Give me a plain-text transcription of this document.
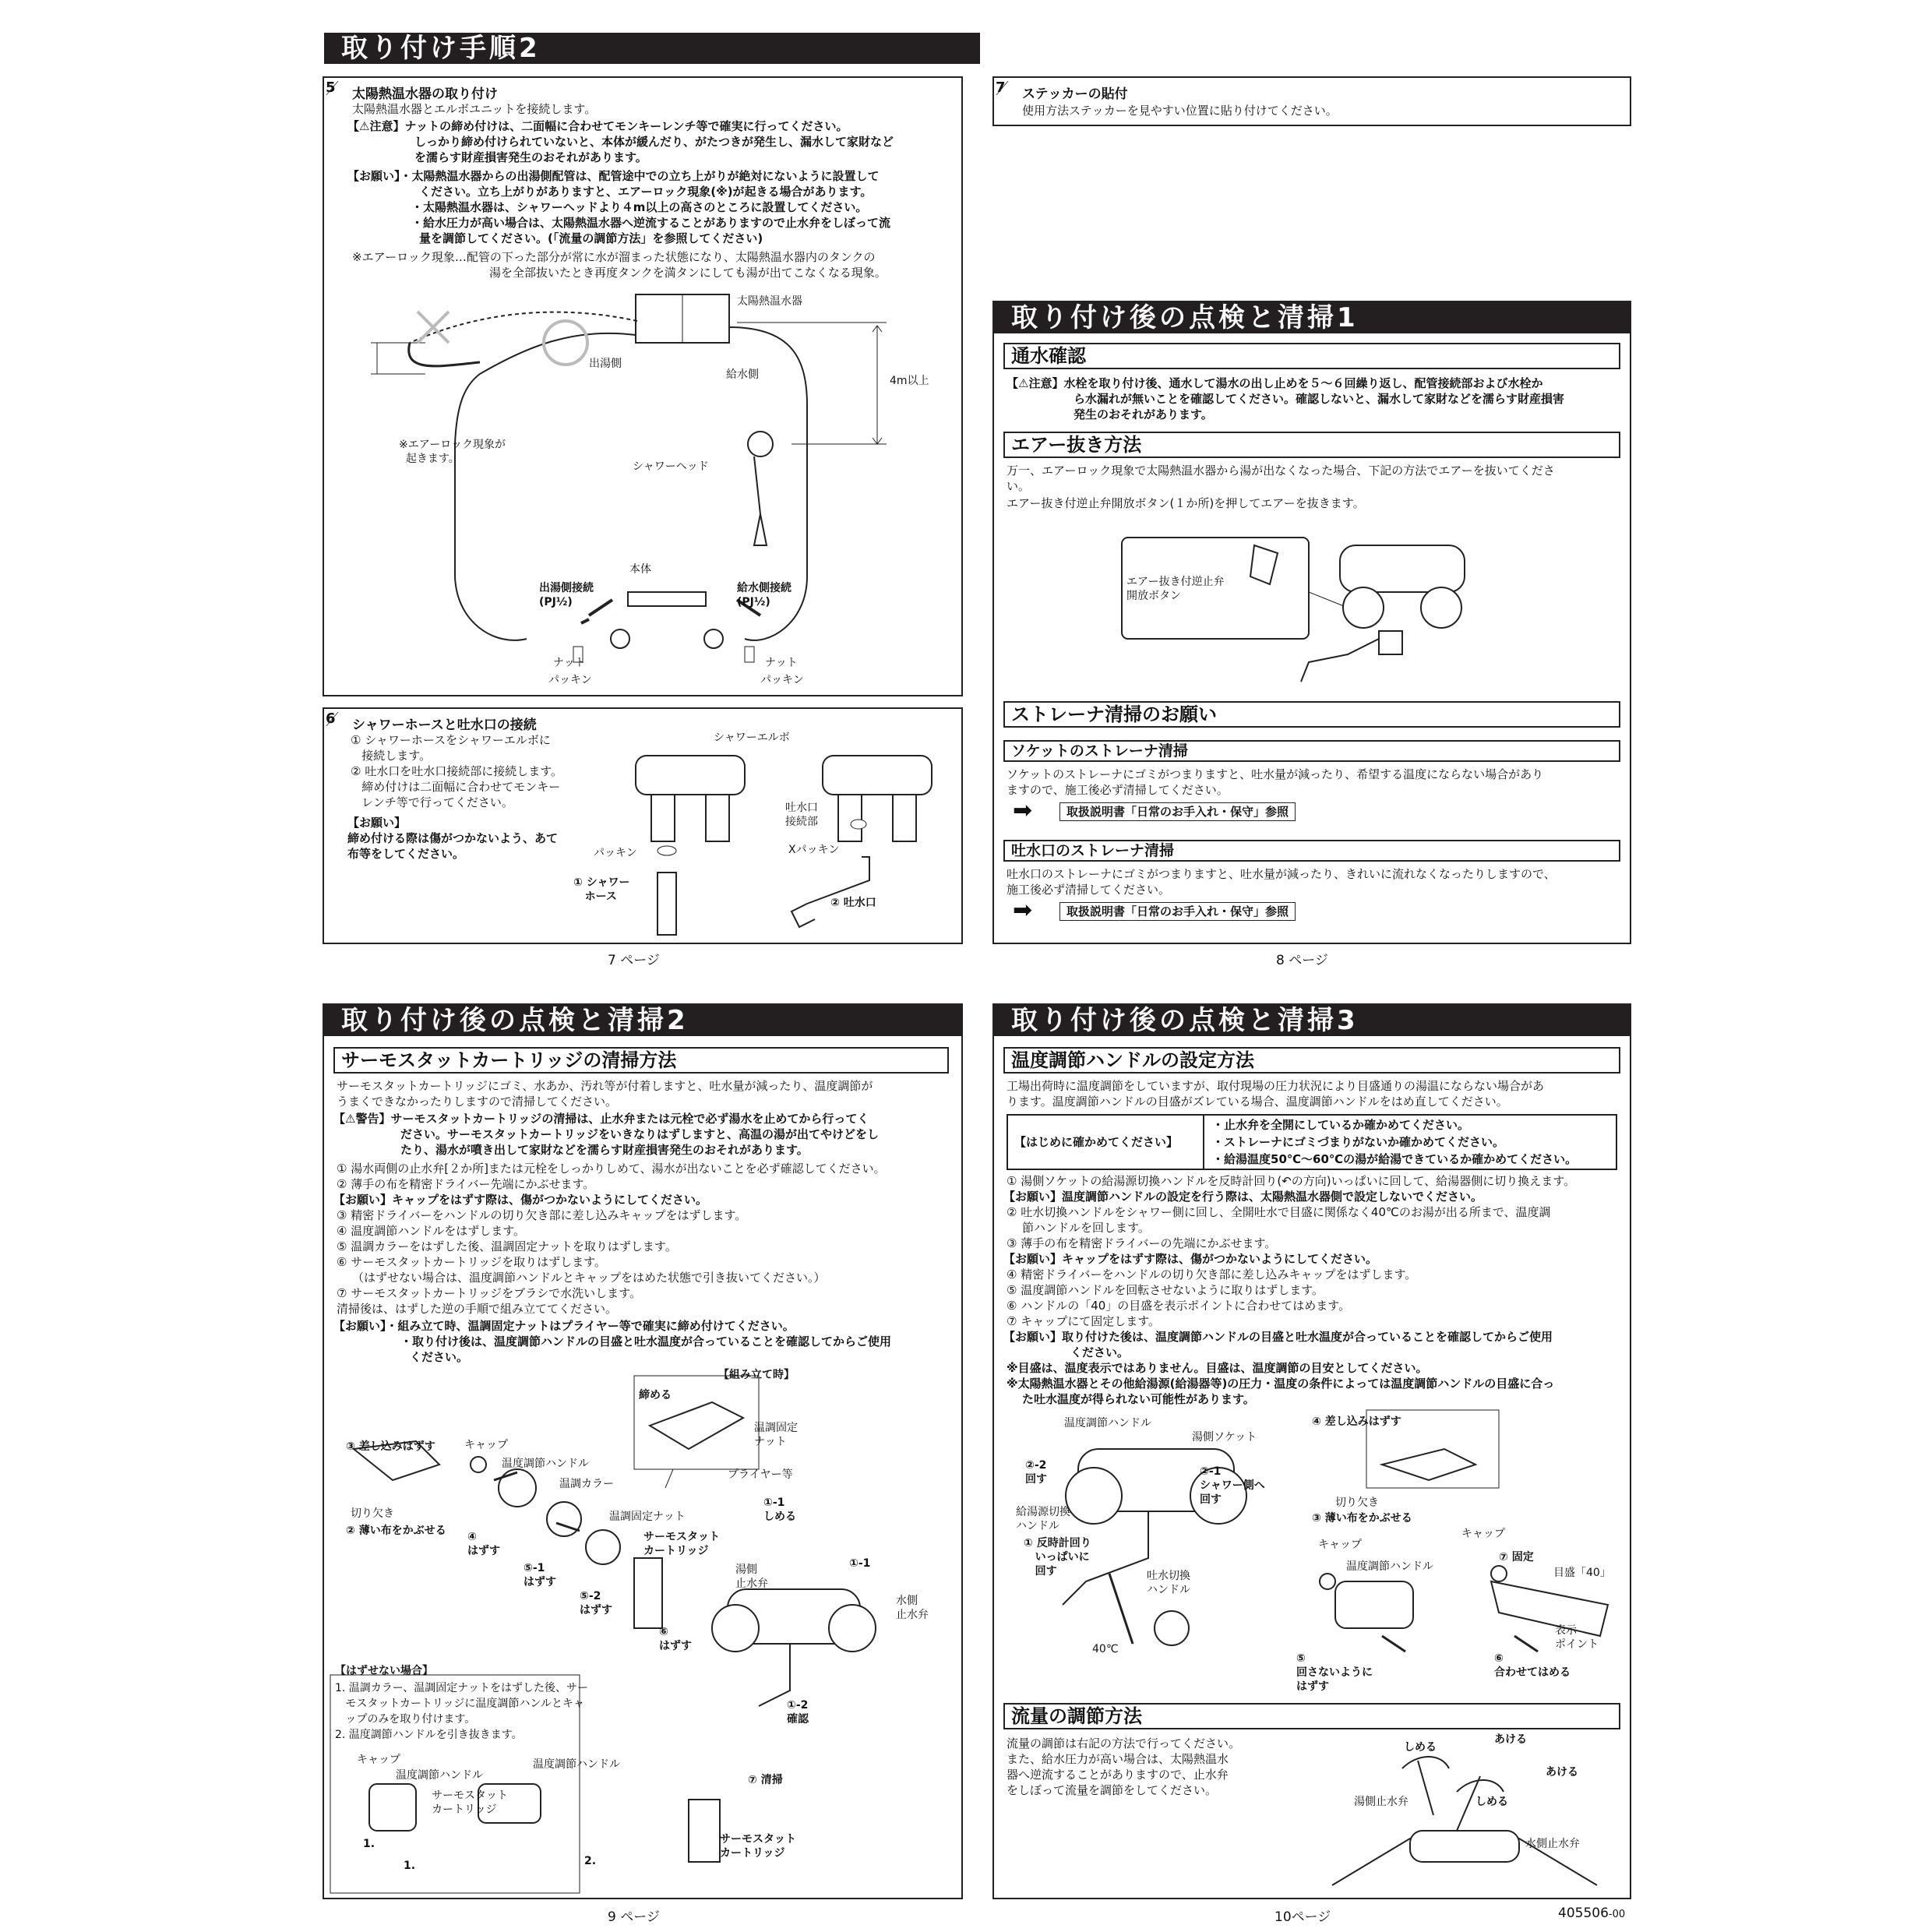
取り付け手順2
5 太陽熱温水器の取り付け
太陽熱温水器とエルボユニットを接続します。
【⚠注意】ナットの締め付けは、二面幅に合わせてモンキーレンチ等で確実に行ってください。
しっかり締め付けられていないと、本体が緩んだり、がたつきが発生し、漏水して家財など
を濡らす財産損害発生のおそれがあります。
【お願い】・太陽熱温水器からの出湯側配管は、配管途中での立ち上がりが絶対にないように設置して
ください。立ち上がりがありますと、エアーロック現象(※)が起きる場合があります。
・太陽熱温水器は、シャワーヘッドより４m以上の高さのところに設置してください。
・給水圧力が高い場合は、太陽熱温水器へ逆流することがありますので止水弁をしぼって流
量を調節してください。(「流量の調節方法」を参照してください)
※エアーロック現象…配管の下った部分が常に水が溜まった状態になり、太陽熱温水器内のタンクの
湯を全部抜いたとき再度タンクを満タンにしても湯が出てこなくなる現象。
太陽熱温水器
出湯側
給水側	4m以上
※エアーロック現象が
起きます。
シャワーヘッド
本体
出湯側接続
(PJ½)
給水側接続
(PJ½)
ナット
パッキン
ナット
パッキン
6 シャワーホースと吐水口の接続
① シャワーホースをシャワーエルボに
接続します。
② 吐水口を吐水口接続部に接続します。
締め付けは二面幅に合わせてモンキー
レンチ等で行ってください。
【お願い】
締め付ける際は傷がつかないよう、あて
布等をしてください。
シャワーエルボ
吐水口
接続部
パッキン	Xパッキン
① シャワー
ホース	② 吐水口
7 ページ
7 ステッカーの貼付
使用方法ステッカーを見やすい位置に貼り付けてください。
取り付け後の点検と清掃1
通水確認
【⚠注意】水栓を取り付け後、通水して湯水の出し止めを５～６回繰り返し、配管接続部および水栓か
ら水漏れが無いことを確認してください。確認しないと、漏水して家財などを濡らす財産損害
発生のおそれがあります。
エアー抜き方法
万一、エアーロック現象で太陽熱温水器から湯が出なくなった場合、下記の方法でエアーを抜いてくださ
い。
エアー抜き付逆止弁開放ボタン(１か所)を押してエアーを抜きます。
エアー抜き付逆止弁
開放ボタン
ストレーナ清掃のお願い
ソケットのストレーナ清掃
ソケットのストレーナにゴミがつまりますと、吐水量が減ったり、希望する温度にならない場合があり
ますので、施工後必ず清掃してください。
➡	取扱説明書「日常のお手入れ・保守」参照
吐水口のストレーナ清掃
吐水口のストレーナにゴミがつまりますと、吐水量が減ったり、きれいに流れなくなったりしますので、
施工後必ず清掃してください。
➡	取扱説明書「日常のお手入れ・保守」参照
8 ページ
取り付け後の点検と清掃2
サーモスタットカートリッジの清掃方法
サーモスタットカートリッジにゴミ、水あか、汚れ等が付着しますと、吐水量が減ったり、温度調節が
うまくできなかったりしますので清掃してください。
【⚠警告】サーモスタットカートリッジの清掃は、止水弁または元栓で必ず湯水を止めてから行ってく
ださい。サーモスタットカートリッジをいきなりはずしますと、高温の湯が出てやけどをし
たり、湯水が噴き出して家財などを濡らす財産損害発生のおそれがあります。
① 湯水両側の止水弁[２か所]または元栓をしっかりしめて、湯水が出ないことを必ず確認してください。
② 薄手の布を精密ドライバー先端にかぶせます。
【お願い】キャップをはずす際は、傷がつかないようにしてください。
③ 精密ドライバーをハンドルの切り欠き部に差し込みキャップをはずします。
④ 温度調節ハンドルをはずします。
⑤ 温調カラーをはずした後、温調固定ナットを取りはずします。
⑥ サーモスタットカートリッジを取りはずします。
（はずせない場合は、温度調節ハンドルとキャップをはめた状態で引き抜いてください。）
⑦ サーモスタットカートリッジをブラシで水洗いします。
清掃後は、はずした逆の手順で組み立ててください。
【お願い】・組み立て時、温調固定ナットはプライヤー等で確実に締め付けてください。
・取り付け後は、温度調節ハンドルの目盛と吐水温度が合っていることを確認してからご使用
ください。
【組み立て時】
締める
温調固定
ナット
プライヤー等
③ 差し込みはずす	キャップ
温度調節ハンドル
温調カラー
温調固定ナット
切り欠き
② 薄い布をかぶせる ④
はずす
⑤-1
はずす
⑤-2
はずす
サーモスタット
カートリッジ
⑥
はずす
湯側
止水弁
水側
止水弁
①-1
しめる
①-1
①-2
確認
【はずせない場合】
1. 温調カラー、温調固定ナットをはずした後、サー
モスタットカートリッジに温度調節ハンルとキャ
ップのみを取り付けます。
2. 温度調節ハンドルを引き抜きます。
キャップ
温度調節ハンドル
サーモスタット
カートリッジ
温度調節ハンドル
1.
1.	2.
⑦ 清掃
サーモスタット
カートリッジ
9 ページ
取り付け後の点検と清掃3
温度調節ハンドルの設定方法
工場出荷時に温度調節をしていますが、取付現場の圧力状況により目盛通りの湯温にならない場合があ
ります。温度調節ハンドルの目盛がズレている場合、温度調節ハンドルをはめ直してください。
【はじめに確かめてください】
・止水弁を全開にしているか確かめてください。
・ストレーナにゴミづまりがないか確かめてください。
・給湯温度50℃～60℃の湯が給湯できているか確かめてください。
① 湯側ソケットの給湯源切換ハンドルを反時計回り(↶の方向)いっぱいに回して、給湯器側に切り換えます。
【お願い】温度調節ハンドルの設定を行う際は、太陽熱温水器側で設定しないでください。
② 吐水切換ハンドルをシャワー側に回し、全開吐水で目盛に関係なく40℃のお湯が出る所まで、温度調
節ハンドルを回します。
③ 薄手の布を精密ドライバーの先端にかぶせます。
【お願い】キャップをはずす際は、傷がつかないようにしてください。
④ 精密ドライバーをハンドルの切り欠き部に差し込みキャップをはずします。
⑤ 温度調節ハンドルを回転させないように取りはずします。
⑥ ハンドルの「40」の目盛を表示ポイントに合わせてはめます。
⑦ キャップにて固定します。
【お願い】取り付けた後は、温度調節ハンドルの目盛と吐水温度が合っていることを確認してからご使用
ください。
※目盛は、温度表示ではありません。目盛は、温度調節の目安としてください。
※太陽熱温水器とその他給湯源(給湯器等)の圧力・温度の条件によっては温度調節ハンドルの目盛に合っ
た吐水温度が得られない可能性があります。
温度調節ハンドル
湯側ソケット
②-2
回す
②-1
シャワー側へ
回す
給湯源切換
ハンドル
① 反時計回り
いっぱいに
回す	吐水切換
ハンドル
40℃
④ 差し込みはずす
切り欠き
③ 薄い布をかぶせる
キャップ
キャップ
温度調節ハンドル
⑦ 固定
目盛「40」
表示
ポイント
⑤
回さないように
はずす
⑥
合わせてはめる
流量の調節方法
流量の調節は右記の方法で行ってください。
また、給水圧力が高い場合は、太陽熱温水
器へ逆流することがありますので、止水弁
をしぼって流量を調節をしてください。
しめる
あける
あける
しめる
湯側止水弁
水側止水弁
10ページ	405506-00
